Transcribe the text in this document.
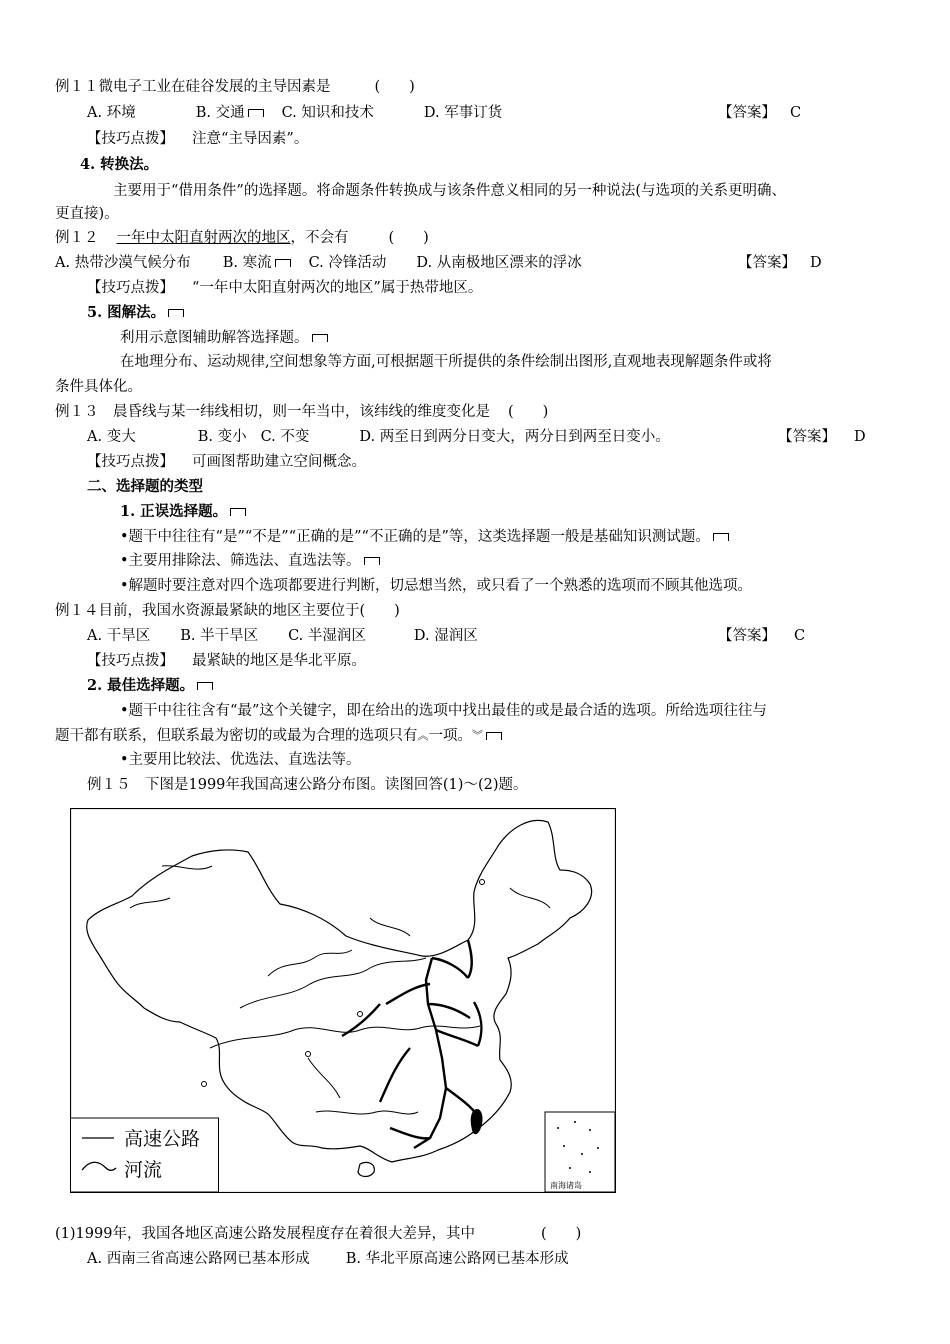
例１１微电子工业在硅谷发展的主导因素是	(　　)
A. 环境	B. 交通	C. 知识和技术	D. 军事订货	【答案】 C
【技巧点拨】 注意“主导因素”。
4. 转换法。
主要用于“借用条件”的选择题。将命题条件转换成与该条件意义相同的另一种说法(与选项的关系更明确、
更直接)。
例１２ 一年中太阳直射两次的地区，不会有	(　　)
A. 热带沙漠气候分布 B. 寒流	C. 冷锋活动 D. 从南极地区漂来的浮冰	【答案】 D
【技巧点拨】 “一年中太阳直射两次的地区”属于热带地区。
5. 图解法。
利用示意图辅助解答选择题。
在地理分布、运动规律,空间想象等方面,可根据题干所提供的条件绘制出图形,直观地表现解题条件或将
条件具体化。
例１３　晨昏线与某一纬线相切，则一年当中，该纬线的维度变化是 (　　)
A. 变大	B. 变小 C. 不变	D. 两至日到两分日变大，两分日到两至日变小。	【答案】 D
【技巧点拨】 可画图帮助建立空间概念。
二、选择题的类型
1. 正误选择题。
•题干中往往有“是”“不是”“正确的是”“不正确的是”等，这类选择题一般是基础知识测试题。
•主要用排除法、筛选法、直选法等。
•解题时要注意对四个选项都要进行判断，切忌想当然，或只看了一个熟悉的选项而不顾其他选项。
例１４目前，我国水资源最紧缺的地区主要位于(　　)
A. 干旱区 B. 半干旱区 C. 半湿润区	D. 湿润区	【答案】 C
【技巧点拨】 最紧缺的地区是华北平原。
2. 最佳选择题。
•题干中往往含有“最”这个关键字，即在给出的选项中找出最佳的或是最合适的选项。所给选项往往与
题干都有联系，但联系最为密切的或最为合理的选项只有︽一项。︾
•主要用比较法、优选法、直选法等。
例１５　下图是1999年我国高速公路分布图。读图回答(1)～(2)题。
南海诸岛
高速公路
河流
(1)1999年，我国各地区高速公路发展程度存在着很大差异，其中	(　　)
A. 西南三省高速公路网已基本形成 B. 华北平原高速公路网已基本形成
